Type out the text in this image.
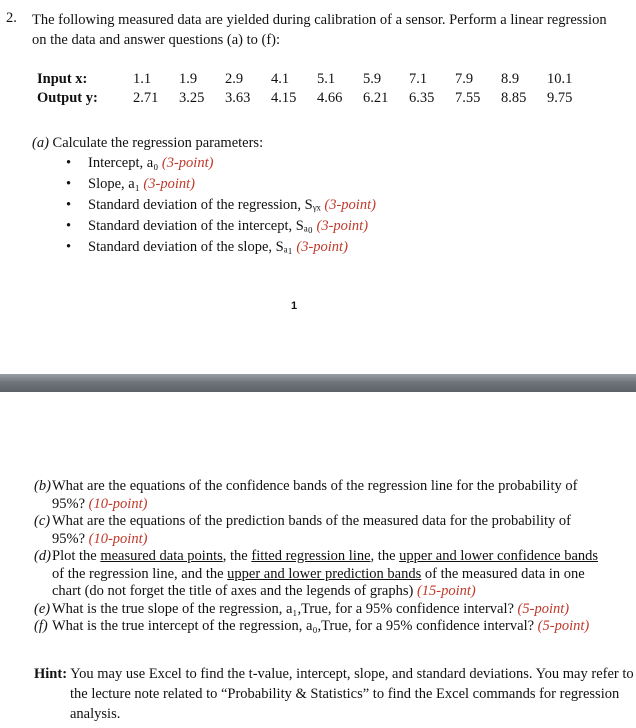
2. The following measured data are yielded during calibration of a sensor. Perform a linear regression on the data and answer questions (a) to (f):
Input x:	1.1	1.9	2.9	4.1	5.1	5.9	7.1	7.9	8.9	10.1
Output y:	2.71	3.25	3.63	4.15	4.66	6.21	6.35	7.55	8.85	9.75
(a) Calculate the regression parameters:
• Intercept, a₀ (3-point)
• Slope, a₁ (3-point)
• Standard deviation of the regression, Sᵧₓ (3-point)
• Standard deviation of the intercept, Sₐ₀ (3-point)
• Standard deviation of the slope, Sₐ₁ (3-point)
1
(b) What are the equations of the confidence bands of the regression line for the probability of 95%? (10-point)
(c) What are the equations of the prediction bands of the measured data for the probability of 95%? (10-point)
(d) Plot the measured data points, the fitted regression line, the upper and lower confidence bands of the regression line, and the upper and lower prediction bands of the measured data in one chart (do not forget the title of axes and the legends of graphs) (15-point)
(e) What is the true slope of the regression, a₁,True, for a 95% confidence interval? (5-point)
(f) What is the true intercept of the regression, a₀,True, for a 95% confidence interval? (5-point)
Hint: You may use Excel to find the t-value, intercept, slope, and standard deviations. You may refer to the lecture note related to “Probability & Statistics” to find the Excel commands for regression analysis.
